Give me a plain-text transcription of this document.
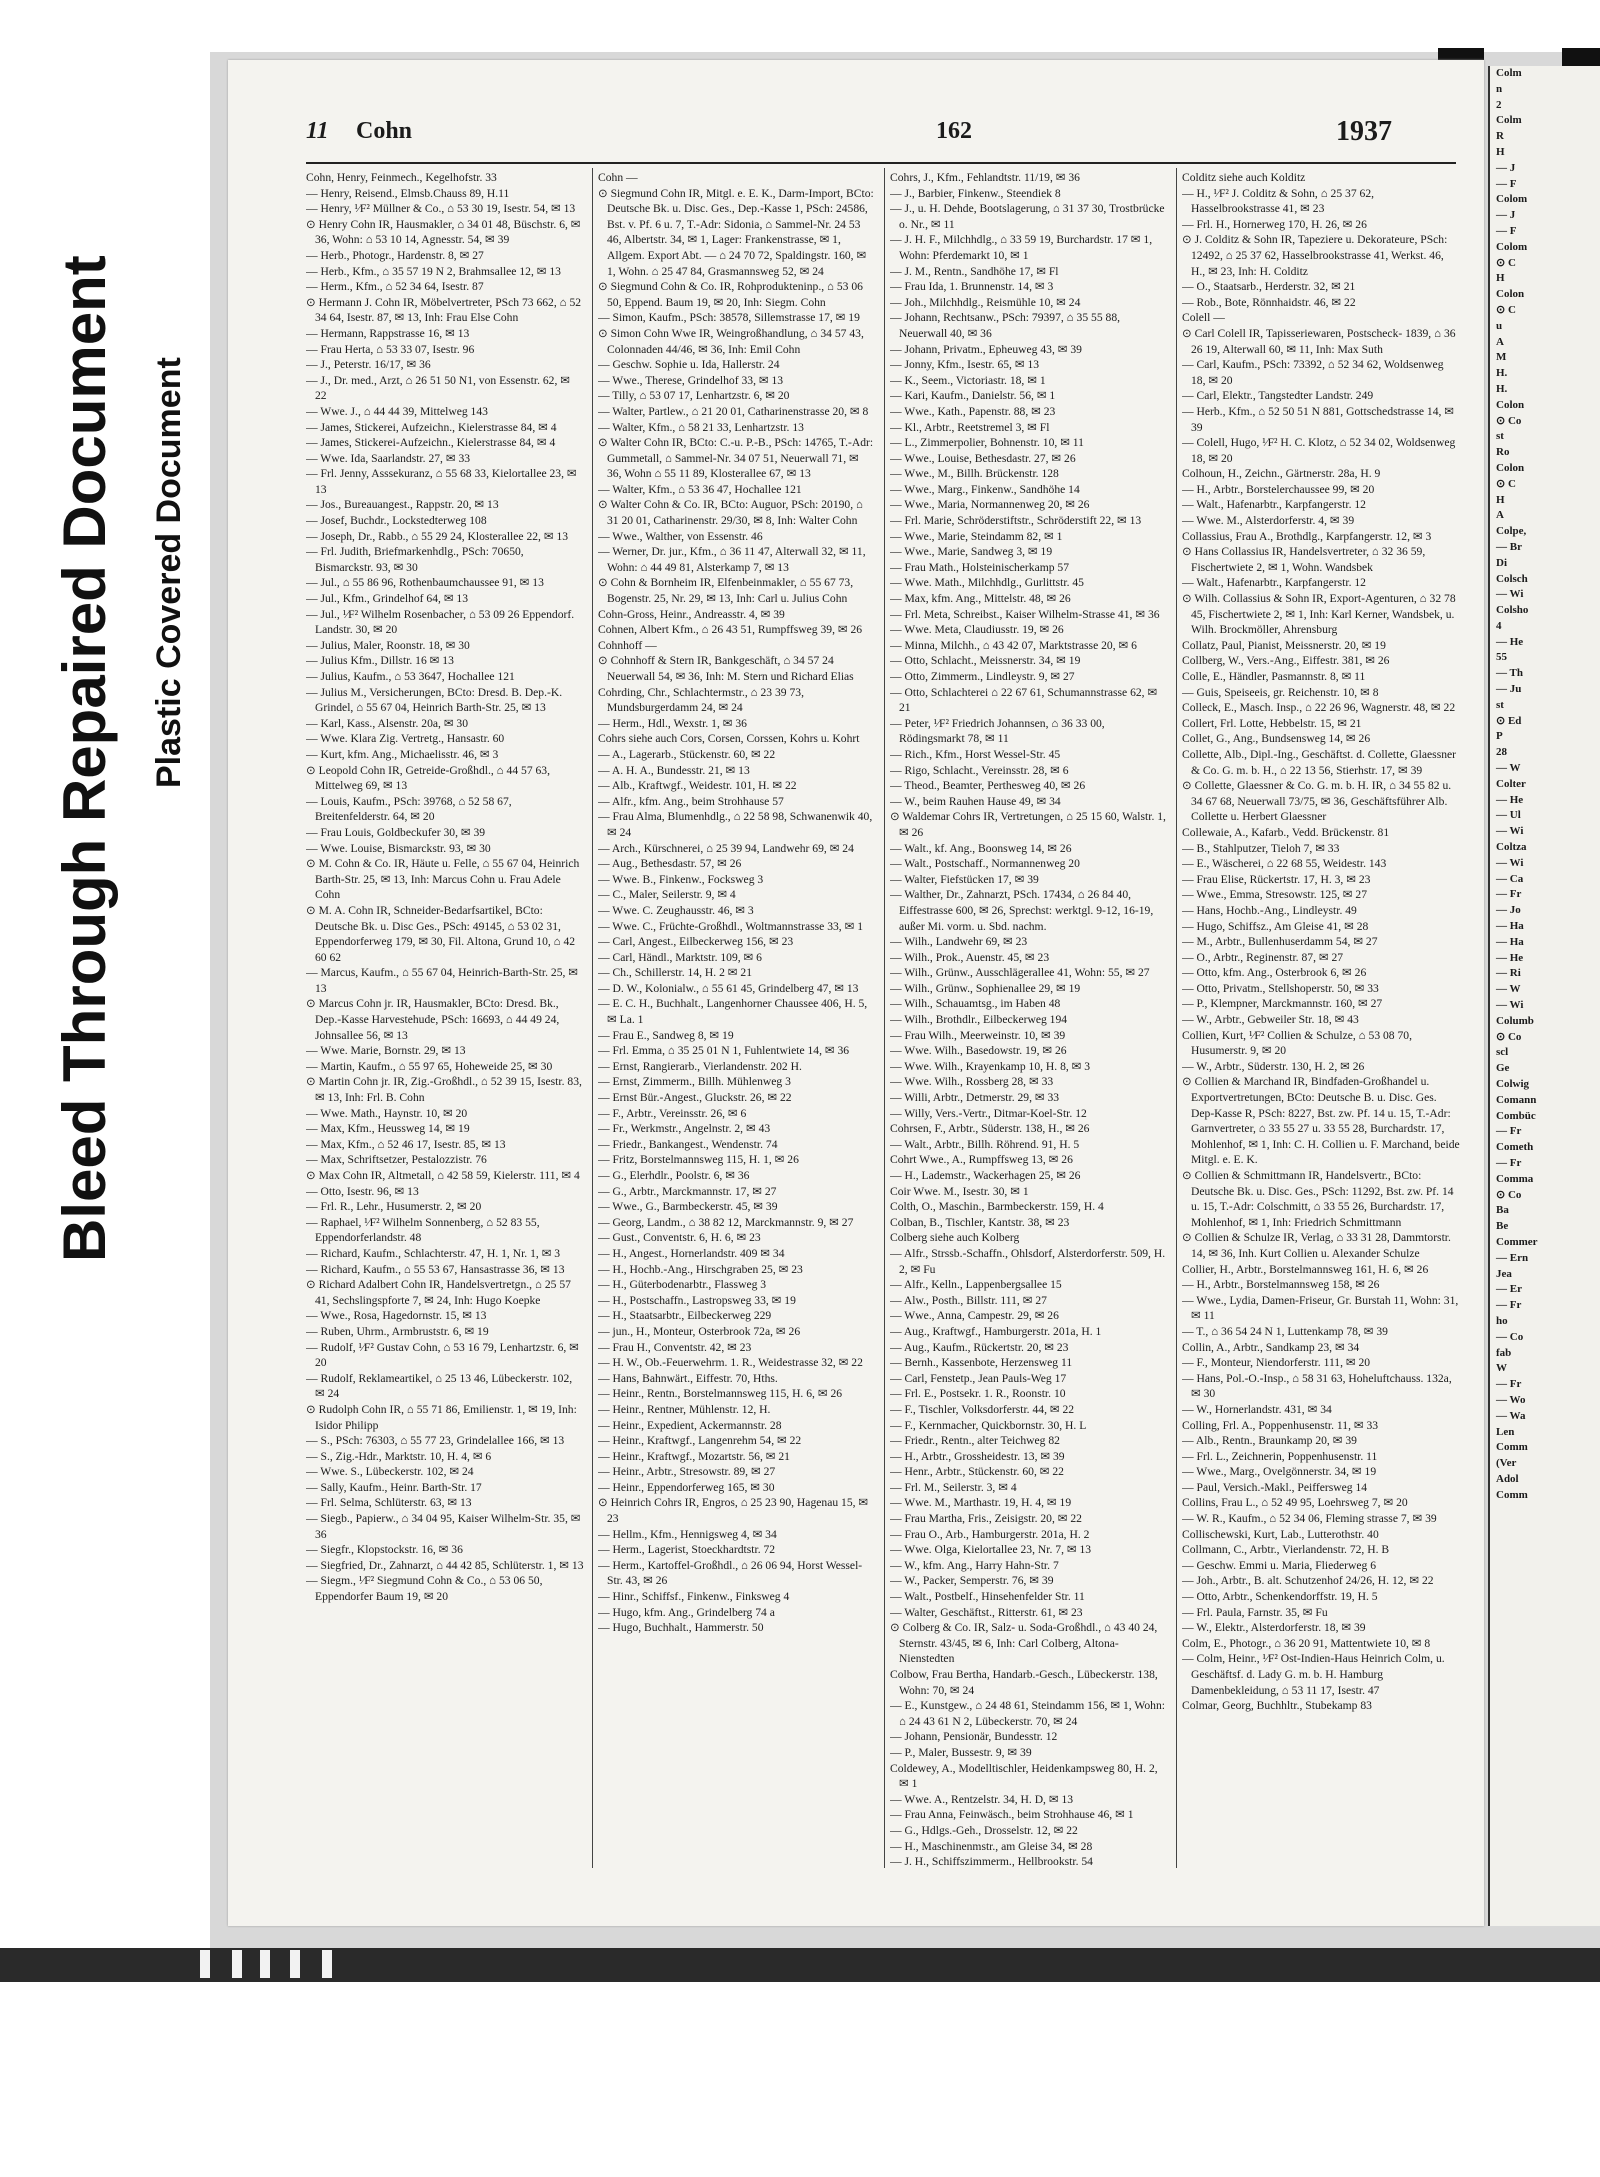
Bleed Through Repaired Document Plastic Covered Document
11 Cohn	162	1937

Cohn, Henry, Feinmech., Kegelhofstr. 33

— Henry, Reisend., Elmsb.Chauss 89, H.11

— Henry, ¹⁄F² Müllner & Co., ⌂ 53 30 19, Isestr. 54, ✉ 13

⊙ Henry Cohn IR, Hausmakler, ⌂ 34 01 48, Büschstr. 6, ✉ 36, Wohn: ⌂ 53 10 14, Agnesstr. 54, ✉ 39

— Herb., Photogr., Hardenstr. 8, ✉ 27

— Herb., Kfm., ⌂ 35 57 19 N 2, Brahmsallee 12, ✉ 13

— Herm., Kfm., ⌂ 52 34 64, Isestr. 87

⊙ Hermann J. Cohn IR, Möbelvertreter, PSch 73 662, ⌂ 52 34 64, Isestr. 87, ✉ 13, Inh: Frau Else Cohn

— Hermann, Rappstrasse 16, ✉ 13

— Frau Herta, ⌂ 53 33 07, Isestr. 96

— J., Peterstr. 16/17, ✉ 36

— J., Dr. med., Arzt, ⌂ 26 51 50 N1, von Essenstr. 62, ✉ 22

— Wwe. J., ⌂ 44 44 39, Mittelweg 143

— James, Stickerei, Aufzeichn., Kielerstrasse 84, ✉ 4

— James, Stickerei-Aufzeichn., Kielerstrasse 84, ✉ 4

— Wwe. Ida, Saarlandstr. 27, ✉ 33

— Frl. Jenny, Asssekuranz, ⌂ 55 68 33, Kielortallee 23, ✉ 13

— Jos., Bureauangest., Rappstr. 20, ✉ 13

— Josef, Buchdr., Lockstedterweg 108

— Joseph, Dr., Rabb., ⌂ 55 29 24, Klosterallee 22, ✉ 13

— Frl. Judith, Briefmarkenhdlg., PSch: 70650, Bismarckstr. 93, ✉ 30

— Jul., ⌂ 55 86 96, Rothenbaumchaussee 91, ✉ 13

— Jul., Kfm., Grindelhof 64, ✉ 13

— Jul., ¹⁄F² Wilhelm Rosenbacher, ⌂ 53 09 26 Eppendorf. Landstr. 30, ✉ 20

— Julius, Maler, Roonstr. 18, ✉ 30

— Julius Kfm., Dillstr. 16 ✉ 13

— Julius, Kaufm., ⌂ 53 3647, Hochallee 121

— Julius M., Versicherungen, BCto: Dresd. B. Dep.-K. Grindel, ⌂ 55 67 04, Heinrich Barth-Str. 25, ✉ 13

— Karl, Kass., Alsenstr. 20a, ✉ 30

— Wwe. Klara Zig. Vertretg., Hansastr. 60

— Kurt, kfm. Ang., Michaelisstr. 46, ✉ 3

⊙ Leopold Cohn IR, Getreide-Großhdl., ⌂ 44 57 63, Mittelweg 69, ✉ 13

— Louis, Kaufm., PSch: 39768, ⌂ 52 58 67, Breitenfelderstr. 64, ✉ 20

— Frau Louis, Goldbeckufer 30, ✉ 39

— Wwe. Louise, Bismarckstr. 93, ✉ 30

⊙ M. Cohn & Co. IR, Häute u. Felle, ⌂ 55 67 04, Heinrich Barth-Str. 25, ✉ 13, Inh: Marcus Cohn u. Frau Adele Cohn

⊙ M. A. Cohn IR, Schneider-Bedarfsartikel, BCto: Deutsche Bk. u. Disc Ges., PSch: 49145, ⌂ 53 02 31, Eppendorferweg 179, ✉ 30, Fil. Altona, Grund 10, ⌂ 42 60 62

— Marcus, Kaufm., ⌂ 55 67 04, Heinrich-Barth-Str. 25, ✉ 13

⊙ Marcus Cohn jr. IR, Hausmakler, BCto: Dresd. Bk., Dep.-Kasse Harvestehude, PSch: 16693, ⌂ 44 49 24, Johnsallee 56, ✉ 13

— Wwe. Marie, Bornstr. 29, ✉ 13

— Martin, Kaufm., ⌂ 55 97 65, Hoheweide 25, ✉ 30

⊙ Martin Cohn jr. IR, Zig.-Großhdl., ⌂ 52 39 15, Isestr. 83, ✉ 13, Inh: Frl. B. Cohn

— Wwe. Math., Haynstr. 10, ✉ 20

— Max, Kfm., Heussweg 14, ✉ 19

— Max, Kfm., ⌂ 52 46 17, Isestr. 85, ✉ 13

— Max, Schriftsetzer, Pestalozzistr. 76

⊙ Max Cohn IR, Altmetall, ⌂ 42 58 59, Kielerstr. 111, ✉ 4

— Otto, Isestr. 96, ✉ 13

— Frl. R., Lehr., Husumerstr. 2, ✉ 20

— Raphael, ¹⁄F² Wilhelm Sonnenberg, ⌂ 52 83 55, Eppendorferlandstr. 48

— Richard, Kaufm., Schlachterstr. 47, H. 1, Nr. 1, ✉ 3

— Richard, Kaufm., ⌂ 55 53 67, Hansastrasse 36, ✉ 13

⊙ Richard Adalbert Cohn IR, Handelsvertretgn., ⌂ 25 57 41, Sechslingspforte 7, ✉ 24, Inh: Hugo Koepke

— Wwe., Rosa, Hagedornstr. 15, ✉ 13

— Ruben, Uhrm., Armbruststr. 6, ✉ 19

— Rudolf, ¹⁄F² Gustav Cohn, ⌂ 53 16 79, Lenhartzstr. 6, ✉ 20

— Rudolf, Reklameartikel, ⌂ 25 13 46, Lübeckerstr. 102, ✉ 24

⊙ Rudolph Cohn IR, ⌂ 55 71 86, Emilienstr. 1, ✉ 19, Inh: Isidor Philipp

— S., PSch: 76303, ⌂ 55 77 23, Grindelallee 166, ✉ 13

— S., Zig.-Hdr., Marktstr. 10, H. 4, ✉ 6

— Wwe. S., Lübeckerstr. 102, ✉ 24

— Sally, Kaufm., Heinr. Barth-Str. 17

— Frl. Selma, Schlüterstr. 63, ✉ 13

— Siegb., Papierw., ⌂ 34 04 95, Kaiser Wilhelm-Str. 35, ✉ 36

— Siegfr., Klopstockstr. 16, ✉ 36

— Siegfried, Dr., Zahnarzt, ⌂ 44 42 85, Schlüterstr. 1, ✉ 13

— Siegm., ¹⁄F² Siegmund Cohn & Co., ⌂ 53 06 50, Eppendorfer Baum 19, ✉ 20

Cohn —

⊙ Siegmund Cohn IR, Mitgl. e. E. K., Darm-Import, BCto: Deutsche Bk. u. Disc. Ges., Dep.-Kasse 1, PSch: 24586, Bst. v. Pf. 6 u. 7, T.-Adr: Sidonia, ⌂ Sammel-Nr. 24 53 46, Albertstr. 34, ✉ 1, Lager: Frankenstrasse, ✉ 1, Allgem. Export Abt. — ⌂ 24 70 72, Spaldingstr. 160, ✉ 1, Wohn. ⌂ 25 47 84, Grasmannsweg 52, ✉ 24

⊙ Siegmund Cohn & Co. IR, Rohprodukteninp., ⌂ 53 06 50, Eppend. Baum 19, ✉ 20, Inh: Siegm. Cohn

— Simon, Kaufm., PSch: 38578, Sillemstrasse 17, ✉ 19

⊙ Simon Cohn Wwe IR, Weingroßhandlung, ⌂ 34 57 43, Colonnaden 44/46, ✉ 36, Inh: Emil Cohn

— Geschw. Sophie u. Ida, Hallerstr. 24

— Wwe., Therese, Grindelhof 33, ✉ 13

— Tilly, ⌂ 53 07 17, Lenhartzstr. 6, ✉ 20

— Walter, Partlew., ⌂ 21 20 01, Catharinenstrasse 20, ✉ 8

— Walter, Kfm., ⌂ 58 21 33, Lenhartzstr. 13

⊙ Walter Cohn IR, BCto: C.-u. P.-B., PSch: 14765, T.-Adr: Gummetall, ⌂ Sammel-Nr. 34 07 51, Neuerwall 71, ✉ 36, Wohn ⌂ 55 11 89, Klosterallee 67, ✉ 13

— Walter, Kfm., ⌂ 53 36 47, Hochallee 121

⊙ Walter Cohn & Co. IR, BCto: Auguor, PSch: 20190, ⌂ 31 20 01, Catharinenstr. 29/30, ✉ 8, Inh: Walter Cohn

— Wwe., Walther, von Essenstr. 46

— Werner, Dr. jur., Kfm., ⌂ 36 11 47, Alterwall 32, ✉ 11, Wohn: ⌂ 44 49 81, Alsterkamp 7, ✉ 13

⊙ Cohn & Bornheim IR, Elfenbeinmakler, ⌂ 55 67 73, Bogenstr. 25, Nr. 29, ✉ 13, Inh: Carl u. Julius Cohn

Cohn-Gross, Heinr., Andreasstr. 4, ✉ 39

Cohnen, Albert Kfm., ⌂ 26 43 51, Rumpffsweg 39, ✉ 26

Cohnhoff —

⊙ Cohnhoff & Stern IR, Bankgeschäft, ⌂ 34 57 24 Neuerwall 54, ✉ 36, Inh: M. Stern und Richard Elias

Cohrding, Chr., Schlachtermstr., ⌂ 23 39 73, Mundsburgerdamm 24, ✉ 24

— Herm., Hdl., Wexstr. 1, ✉ 36

Cohrs siehe auch Cors, Corsen, Corssen, Kohrs u. Kohrt

— A., Lagerarb., Stückenstr. 60, ✉ 22

— A. H. A., Bundesstr. 21, ✉ 13

— Alb., Kraftwgf., Weidestr. 101, H. ✉ 22

— Alfr., kfm. Ang., beim Strohhause 57

— Frau Alma, Blumenhdlg., ⌂ 22 58 98, Schwanenwik 40, ✉ 24

— Arch., Kürschnerei, ⌂ 25 39 94, Landwehr 69, ✉ 24

— Aug., Bethesdastr. 57, ✉ 26

— Wwe. B., Finkenw., Focksweg 3

— C., Maler, Seilerstr. 9, ✉ 4

— Wwe. C. Zeughausstr. 46, ✉ 3

— Wwe. C., Früchte-Großhdl., Woltmannstrasse 33, ✉ 1

— Carl, Angest., Eilbeckerweg 156, ✉ 23

— Carl, Händl., Marktstr. 109, ✉ 6

— Ch., Schillerstr. 14, H. 2 ✉ 21

— D. W., Kolonialw., ⌂ 55 61 45, Grindelberg 47, ✉ 13

— E. C. H., Buchhalt., Langenhorner Chaussee 406, H. 5, ✉ La. 1

— Frau E., Sandweg 8, ✉ 19

— Frl. Emma, ⌂ 35 25 01 N 1, Fuhlentwiete 14, ✉ 36

— Ernst, Rangierarb., Vierlandenstr. 202 H.

— Ernst, Zimmerm., Billh. Mühlenweg 3

— Ernst Bür.-Angest., Gluckstr. 26, ✉ 22

— F., Arbtr., Vereinsstr. 26, ✉ 6

— Fr., Werkmstr., Angelnstr. 2, ✉ 43

— Friedr., Bankangest., Wendenstr. 74

— Fritz, Borstelmannsweg 115, H. 1, ✉ 26

— G., Elerhdlr., Poolstr. 6, ✉ 36

— G., Arbtr., Marckmannstr. 17, ✉ 27

— Wwe., G., Barmbeckerstr. 45, ✉ 39

— Georg, Landm., ⌂ 38 82 12, Marckmannstr. 9, ✉ 27

— Gust., Conventstr. 6, H. 6, ✉ 23

— H., Angest., Hornerlandstr. 409 ✉ 34

— H., Hochb.-Ang., Hirschgraben 25, ✉ 23

— H., Güterbodenarbtr., Flassweg 3

— H., Postschaffn., Lastropsweg 33, ✉ 19

— H., Staatsarbtr., Eilbeckerweg 229

— jun., H., Monteur, Osterbrook 72a, ✉ 26

— Frau H., Conventstr. 42, ✉ 23

— H. W., Ob.-Feuerwehrm. 1. R., Weidestrasse 32, ✉ 22

— Hans, Bahnwärt., Eiffestr. 70, Hths.

— Heinr., Rentn., Borstelmannsweg 115, H. 6, ✉ 26

— Heinr., Rentner, Mühlenstr. 12, H.

— Heinr., Expedient, Ackermannstr. 28

— Heinr., Kraftwgf., Langenrehm 54, ✉ 22

— Heinr., Kraftwgf., Mozartstr. 56, ✉ 21

— Heinr., Arbtr., Stresowstr. 89, ✉ 27

— Heinr., Eppendorferweg 165, ✉ 30

⊙ Heinrich Cohrs IR, Engros, ⌂ 25 23 90, Hagenau 15, ✉ 23

— Hellm., Kfm., Hennigsweg 4, ✉ 34

— Herm., Lagerist, Stoeckhardtstr. 72

— Herm., Kartoffel-Großhdl., ⌂ 26 06 94, Horst Wessel-Str. 43, ✉ 26

— Hinr., Schiffsf., Finkenw., Finksweg 4

— Hugo, kfm. Ang., Grindelberg 74 a

— Hugo, Buchhalt., Hammerstr. 50

Cohrs, J., Kfm., Fehlandtstr. 11/19, ✉ 36

— J., Barbier, Finkenw., Steendiek 8

— J., u. H. Dehde, Bootslagerung, ⌂ 31 37 30, Trostbrücke o. Nr., ✉ 11

— J. H. F., Milchhdlg., ⌂ 33 59 19, Burchardstr. 17 ✉ 1, Wohn: Pferdemarkt 10, ✉ 1

— J. M., Rentn., Sandhöhe 17, ✉ Fl

— Frau Ida, 1. Brunnenstr. 14, ✉ 3

— Joh., Milchhdlg., Reismühle 10, ✉ 24

— Johann, Rechtsanw., PSch: 79397, ⌂ 35 55 88, Neuerwall 40, ✉ 36

— Johann, Privatm., Epheuweg 43, ✉ 39

— Jonny, Kfm., Isestr. 65, ✉ 13

— K., Seem., Victoriastr. 18, ✉ 1

— Kari, Kaufm., Danielstr. 56, ✉ 1

— Wwe., Kath., Papenstr. 88, ✉ 23

— Kl., Arbtr., Reetstremel 3, ✉ Fl

— L., Zimmerpolier, Bohnenstr. 10, ✉ 11

— Wwe., Louise, Bethesdastr. 27, ✉ 26

— Wwe., M., Billh. Brückenstr. 128

— Wwe., Marg., Finkenw., Sandhöhe 14

— Wwe., Maria, Normannenweg 20, ✉ 26

— Frl. Marie, Schröderstiftstr., Schröderstift 22, ✉ 13

— Wwe., Marie, Steindamm 82, ✉ 1

— Wwe., Marie, Sandweg 3, ✉ 19

— Frau Math., Holsteinischerkamp 57

— Wwe. Math., Milchhdlg., Gurlittstr. 45

— Max, kfm. Ang., Mittelstr. 48, ✉ 26

— Frl. Meta, Schreibst., Kaiser Wilhelm-Strasse 41, ✉ 36

— Wwe. Meta, Claudiusstr. 19, ✉ 26

— Minna, Milchh., ⌂ 43 42 07, Marktstrasse 20, ✉ 6

— Otto, Schlacht., Meissnerstr. 34, ✉ 19

— Otto, Zimmerm., Lindleystr. 9, ✉ 27

— Otto, Schlachterei ⌂ 22 67 61, Schumannstrasse 62, ✉ 21

— Peter, ¹⁄F² Friedrich Johannsen, ⌂ 36 33 00, Rödingsmarkt 78, ✉ 11

— Rich., Kfm., Horst Wessel-Str. 45

— Rigo, Schlacht., Vereinsstr. 28, ✉ 6

— Theod., Beamter, Perthesweg 40, ✉ 26

— W., beim Rauhen Hause 49, ✉ 34

⊙ Waldemar Cohrs IR, Vertretungen, ⌂ 25 15 60, Walstr. 1, ✉ 26

— Walt., kf. Ang., Boonsweg 14, ✉ 26

— Walt., Postschaff., Normannenweg 20

— Walter, Fiefstücken 17, ✉ 39

— Walther, Dr., Zahnarzt, PSch. 17434, ⌂ 26 84 40, Eiffestrasse 600, ✉ 26, Sprechst: werktgl. 9-12, 16-19, außer Mi. vorm. u. Sbd. nachm.

— Wilh., Landwehr 69, ✉ 23

— Wilh., Prok., Auenstr. 45, ✉ 23

— Wilh., Grünw., Ausschlägerallee 41, Wohn: 55, ✉ 27

— Wilh., Grünw., Sophienallee 29, ✉ 19

— Wilh., Schauamtsg., im Haben 48

— Wilh., Brothdlr., Eilbeckerweg 194

— Frau Wilh., Meerweinstr. 10, ✉ 39

— Wwe. Wilh., Basedowstr. 19, ✉ 26

— Wwe. Wilh., Krayenkamp 10, H. 8, ✉ 3

— Wwe. Wilh., Rossberg 28, ✉ 33

— Willi, Arbtr., Detmerstr. 29, ✉ 33

— Willy, Vers.-Vertr., Ditmar-Koel-Str. 12

Cohrsen, F., Arbtr., Süderstr. 138, H., ✉ 26

— Walt., Arbtr., Billh. Röhrend. 91, H. 5

Cohrt Wwe., A., Rumpffsweg 13, ✉ 26

— H., Lademstr., Wackerhagen 25, ✉ 26

Coir Wwe. M., Isestr. 30, ✉ 1

Colth, O., Maschin., Barmbeckerstr. 159, H. 4

Colban, B., Tischler, Kantstr. 38, ✉ 23

Colberg siehe auch Kolberg

— Alfr., Strssb.-Schaffn., Ohlsdorf, Alsterdorferstr. 509, H. 2, ✉ Fu

— Alfr., Kelln., Lappenbergsallee 15

— Alw., Posth., Billstr. 111, ✉ 27

— Wwe., Anna, Campestr. 29, ✉ 26

— Aug., Kraftwgf., Hamburgerstr. 201a, H. 1

— Aug., Kaufm., Rückertstr. 20, ✉ 23

— Bernh., Kassenbote, Herzensweg 11

— Carl, Fenstetp., Jean Pauls-Weg 17

— Frl. E., Postsekr. 1. R., Roonstr. 10

— F., Tischler, Volksdorferstr. 44, ✉ 22

— F., Kernmacher, Quickbornstr. 30, H. L

— Friedr., Rentn., alter Teichweg 82

— H., Arbtr., Grossheidestr. 13, ✉ 39

— Henr., Arbtr., Stückenstr. 60, ✉ 22

— Frl. M., Seilerstr. 3, ✉ 4

— Wwe. M., Marthastr. 19, H. 4, ✉ 19

— Frau Martha, Fris., Zeisigstr. 20, ✉ 22

— Frau O., Arb., Hamburgerstr. 201a, H. 2

— Wwe. Olga, Kielortallee 23, Nr. 7, ✉ 13

— W., kfm. Ang., Harry Hahn-Str. 7

— W., Packer, Semperstr. 76, ✉ 39

— Walt., Postbelf., Hinsehenfelder Str. 11

— Walter, Geschäftst., Ritterstr. 61, ✉ 23

⊙ Colberg & Co. IR, Salz- u. Soda-Großhdl., ⌂ 43 40 24, Sternstr. 43/45, ✉ 6, Inh: Carl Colberg, Altona-Nienstedten

Colbow, Frau Bertha, Handarb.-Gesch., Lübeckerstr. 138, Wohn: 70, ✉ 24

— E., Kunstgew., ⌂ 24 48 61, Steindamm 156, ✉ 1, Wohn: ⌂ 24 43 61 N 2, Lübeckerstr. 70, ✉ 24

— Johann, Pensionär, Bundesstr. 12

— P., Maler, Bussestr. 9, ✉ 39

Coldewey, A., Modelltischler, Heidenkampsweg 80, H. 2, ✉ 1

— Wwe. A., Rentzelstr. 34, H. D, ✉ 13

— Frau Anna, Feinwäsch., beim Strohhause 46, ✉ 1

— G., Hdlgs.-Geh., Drosselstr. 12, ✉ 22

— H., Maschinenmstr., am Gleise 34, ✉ 28

— J. H., Schiffszimmerm., Hellbrookstr. 54

Colditz siehe auch Kolditz

— H., ¹⁄F² J. Colditz & Sohn, ⌂ 25 37 62, Hasselbrookstrasse 41, ✉ 23

— Frl. H., Hornerweg 170, H. 26, ✉ 26

⊙ J. Colditz & Sohn IR, Tapeziere u. Dekorateure, PSch: 12492, ⌂ 25 37 62, Hasselbrookstrasse 41, Werkst. 46, H., ✉ 23, Inh: H. Colditz

— O., Staatsarb., Herderstr. 32, ✉ 21

— Rob., Bote, Rönnhaidstr. 46, ✉ 22

Colell —

⊙ Carl Colell IR, Tapisseriewaren, Postscheck- 1839, ⌂ 36 26 19, Alterwall 60, ✉ 11, Inh: Max Suth

— Carl, Kaufm., PSch: 73392, ⌂ 52 34 62, Woldsenweg 18, ✉ 20

— Carl, Elektr., Tangstedter Landstr. 249

— Herb., Kfm., ⌂ 52 50 51 N 881, Gottschedstrasse 14, ✉ 39

— Colell, Hugo, ¹⁄F² H. C. Klotz, ⌂ 52 34 02, Woldsenweg 18, ✉ 20

Colhoun, H., Zeichn., Gärtnerstr. 28a, H. 9

— H., Arbtr., Borstelerchaussee 99, ✉ 20

— Walt., Hafenarbtr., Karpfangerstr. 12

— Wwe. M., Alsterdorferstr. 4, ✉ 39

Collassius, Frau A., Brothdlg., Karpfangerstr. 12, ✉ 3

⊙ Hans Collassius IR, Handelsvertreter, ⌂ 32 36 59, Fischertwiete 2, ✉ 1, Wohn. Wandsbek

— Walt., Hafenarbtr., Karpfangerstr. 12

⊙ Wilh. Collassius & Sohn IR, Export-Agenturen, ⌂ 32 78 45, Fischertwiete 2, ✉ 1, Inh: Karl Kerner, Wandsbek, u. Wilh. Brockmöller, Ahrensburg

Collatz, Paul, Pianist, Meissnerstr. 20, ✉ 19

Collberg, W., Vers.-Ang., Eiffestr. 381, ✉ 26

Colle, E., Händler, Pasmannstr. 8, ✉ 11

— Guis, Speiseeis, gr. Reichenstr. 10, ✉ 8

Colleck, E., Masch. Insp., ⌂ 22 26 96, Wagnerstr. 48, ✉ 22

Collert, Frl. Lotte, Hebbelstr. 15, ✉ 21

Collet, G., Ang., Bundsensweg 14, ✉ 26

Collette, Alb., Dipl.-Ing., Geschäftst. d. Collette, Glaessner & Co. G. m. b. H., ⌂ 22 13 56, Stierhstr. 17, ✉ 39

⊙ Collette, Glaessner & Co. G. m. b. H. IR, ⌂ 34 55 82 u. 34 67 68, Neuerwall 73/75, ✉ 36, Geschäftsführer Alb. Collette u. Herbert Glaessner

Collewaie, A., Kafarb., Vedd. Brückenstr. 81

— B., Stahlputzer, Tieloh 7, ✉ 33

— E., Wäscherei, ⌂ 22 68 55, Weidestr. 143

— Frau Elise, Rückertstr. 17, H. 3, ✉ 23

— Wwe., Emma, Stresowstr. 125, ✉ 27

— Hans, Hochb.-Ang., Lindleystr. 49

— Hugo, Schiffsz., Am Gleise 41, ✉ 28

— M., Arbtr., Bullenhuserdamm 54, ✉ 27

— O., Arbtr., Reginenstr. 87, ✉ 27

— Otto, kfm. Ang., Osterbrook 6, ✉ 26

— Otto, Privatm., Stellshoperstr. 50, ✉ 33

— P., Klempner, Marckmannstr. 160, ✉ 27

— W., Arbtr., Gebweiler Str. 18, ✉ 43

Collien, Kurt, ¹⁄F² Collien & Schulze, ⌂ 53 08 70, Husumerstr. 9, ✉ 20

— W., Arbtr., Süderstr. 130, H. 2, ✉ 26

⊙ Collien & Marchand IR, Bindfaden-Großhandel u. Exportvertretungen, BCto: Deutsche B. u. Disc. Ges. Dep-Kasse R, PSch: 8227, Bst. zw. Pf. 14 u. 15, T.-Adr: Garnvertreter, ⌂ 33 55 27 u. 33 55 28, Burchardstr. 17, Mohlenhof, ✉ 1, Inh: C. H. Collien u. F. Marchand, beide Mitgl. e. E. K.

⊙ Collien & Schmittmann IR, Handelsvertr., BCto: Deutsche Bk. u. Disc. Ges., PSch: 11292, Bst. zw. Pf. 14 u. 15, T.-Adr: Colschmitt, ⌂ 33 55 26, Burchardstr. 17, Mohlenhof, ✉ 1, Inh: Friedrich Schmittmann

⊙ Collien & Schulze IR, Verlag, ⌂ 33 31 28, Dammtorstr. 14, ✉ 36, Inh. Kurt Collien u. Alexander Schulze

Collier, H., Arbtr., Borstelmannsweg 161, H. 6, ✉ 26

— H., Arbtr., Borstelmannsweg 158, ✉ 26

— Wwe., Lydia, Damen-Friseur, Gr. Burstah 11, Wohn: 31, ✉ 11

— T., ⌂ 36 54 24 N 1, Luttenkamp 78, ✉ 39

Collin, A., Arbtr., Sandkamp 23, ✉ 34

— F., Monteur, Niendorferstr. 111, ✉ 20

— Hans, Pol.-O.-Insp., ⌂ 58 31 63, Hoheluftchauss. 132a, ✉ 30

— W., Hornerlandstr. 431, ✉ 34

Colling, Frl. A., Poppenhusenstr. 11, ✉ 33

— Alb., Rentn., Braunkamp 20, ✉ 39

— Frl. L., Zeichnerin, Poppenhusenstr. 11

— Wwe., Marg., Ovelgönnerstr. 34, ✉ 19

— Paul, Versich.-Makl., Peiffersweg 14

Collins, Frau L., ⌂ 52 49 95, Loehrsweg 7, ✉ 20

— W. R., Kaufm., ⌂ 52 34 06, Fleming strasse 7, ✉ 39

Collischewski, Kurt, Lab., Lutterothstr. 40

Collmann, C., Arbtr., Vierlandenstr. 72, H. B

— Geschw. Emmi u. Maria, Fliederweg 6

— Joh., Arbtr., B. alt. Schutzenhof 24/26, H. 12, ✉ 22

— Otto, Arbtr., Schenkendorffstr. 19, H. 5

— Frl. Paula, Farnstr. 35, ✉ Fu

— W., Elektr., Alsterdorferstr. 18, ✉ 39

Colm, E., Photogr., ⌂ 36 20 91, Mattentwiete 10, ✉ 8

— Colm, Heinr., ¹⁄F² Ost-Indien-Haus Heinrich Colm, u. Geschäftsf. d. Lady G. m. b. H. Hamburg Damenbekleidung, ⌂ 53 11 17, Isestr. 47

Colmar, Georg, Buchhltr., Stubekamp 83

Colm
n
2
Colm
R
H
— J
— F
Colom
— J
— F
Colom
⊙ C
H
Colon
⊙ C
u
A
M
H.
H.
Colon
⊙ Co
st
Ro
Colon
⊙ C
H
A
Colpe,
— Br
Di
Colsch
— Wi
Colsho
4
— He
55
— Th
— Ju
st
⊙ Ed
P
28
— W
Colter
— He
— Ul
— Wi
Coltza
— Wi
— Ca
— Fr
— Jo
— Ha
— Ha
— He
— Ri
— W
— Wi
Columb
⊙ Co
scl
Ge
Colwig
Comann
Combüc
— Fr
Cometh
— Fr
Comma
⊙ Co
Ba
Be
Commer
— Ern
Jea
— Er
— Fr
ho
— Co
fab
W
— Fr
— Wo
— Wa
Len
Comm
(Ver
Adol
Comm
